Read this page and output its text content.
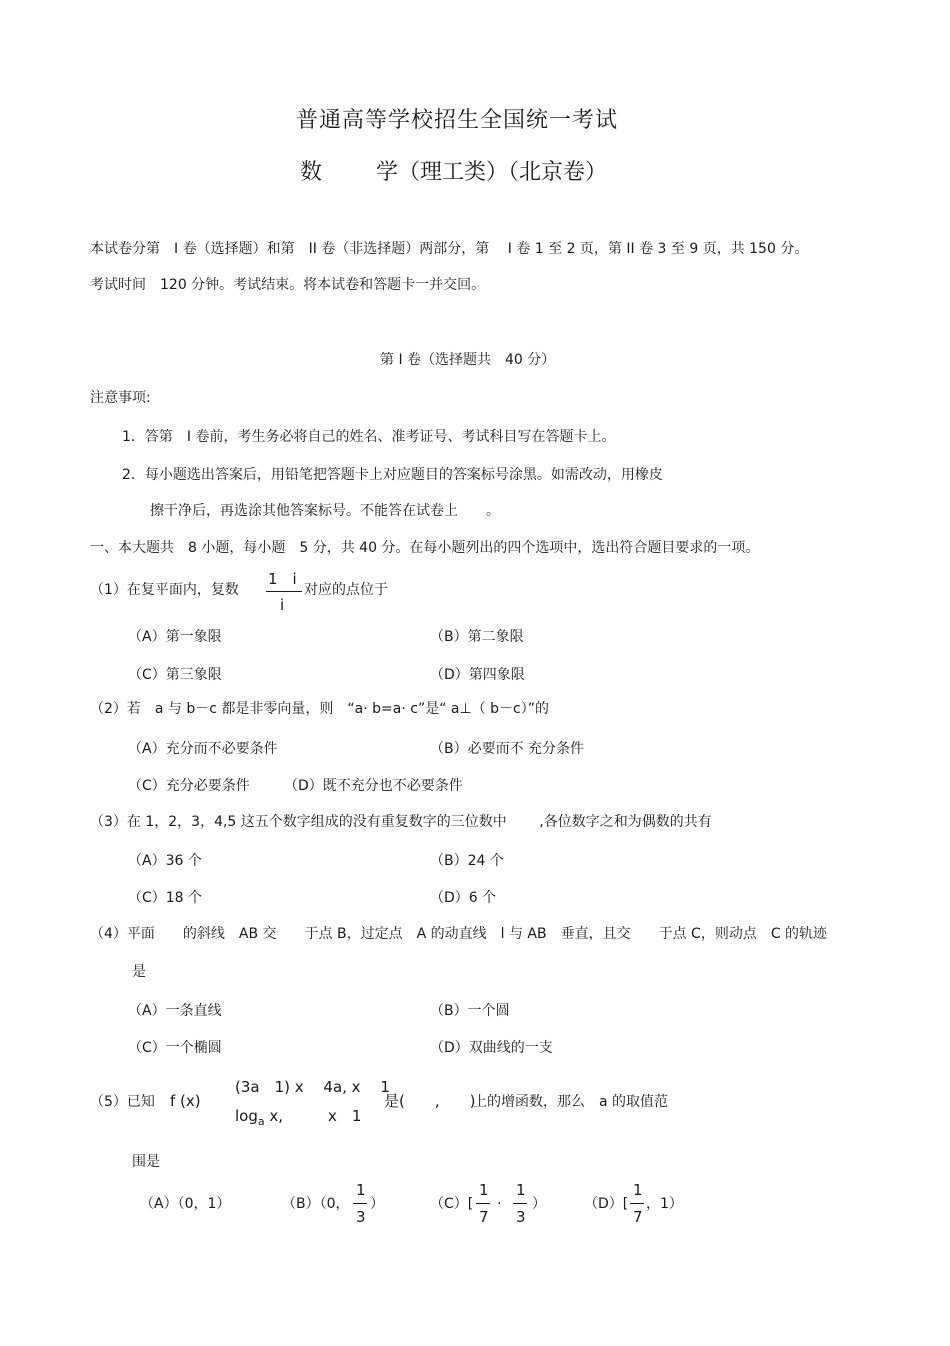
普通高等学校招生全国统一考试
数 学（理工类）（北京卷）
本试卷分第　I 卷（选择题）和第　II 卷（非选择题）两部分，第　 I 卷 1 至 2 页，第 II 卷 3 至 9 页，共 150 分。
考试时间　120 分钟。考试结束。将本试卷和答题卡一并交回。
第 I 卷（选择题共　40 分）
注意事项:
1．答第　I 卷前，考生务必将自己的姓名、准考证号、考试科目写在答题卡上。
2．每小题选出答案后，用铅笔把答题卡上对应题目的答案标号涂黑。如需改动，用橡皮
擦干净后，再选涂其他答案标号。不能答在试卷上　　。
一、本大题共　8 小题，每小题　5 分，共 40 分。在每小题列出的四个选项中，选出符合题目要求的一项。
（1）在复平面内，复数
1　i
i
对应的点位于
（A）第一象限	（B）第二象限
（C）第三象限	（D）第四象限
（2）若　a 与 b－c 都是非零向量，则　“a· b=a· c”是“ a⊥（ b－c）”的
（A）充分而不必要条件	（B）必要而不 充分条件
（C）充分必要条件 （D）既不充分也不必要条件
（3）在 1，2，3，4,5 这五个数字组成的没有重复数字的三位数中　　 ,各位数字之和为偶数的共有
（A）36 个	（B）24 个
（C）18 个	（D）6 个
（4）平面　　的斜线　AB 交　　于点 B，过定点　A 的动直线　l 与 AB　垂直，且交　　于点 C，则动点　C 的轨迹
是
（A）一条直线	（B）一个圆
（C）一个椭圆	（D）双曲线的一支
（5）已知 f (x)
(3a　1) x　 4a, x　 1
$\log_a x$,　　　x　1
是(　　,　　)
上的增函数，那么　a 的取值范
围是
（A）（0，1）	（B）（0，
1
3
）	（C）[
1
7
·
1
3
）	（D）[
1
7
，1）
